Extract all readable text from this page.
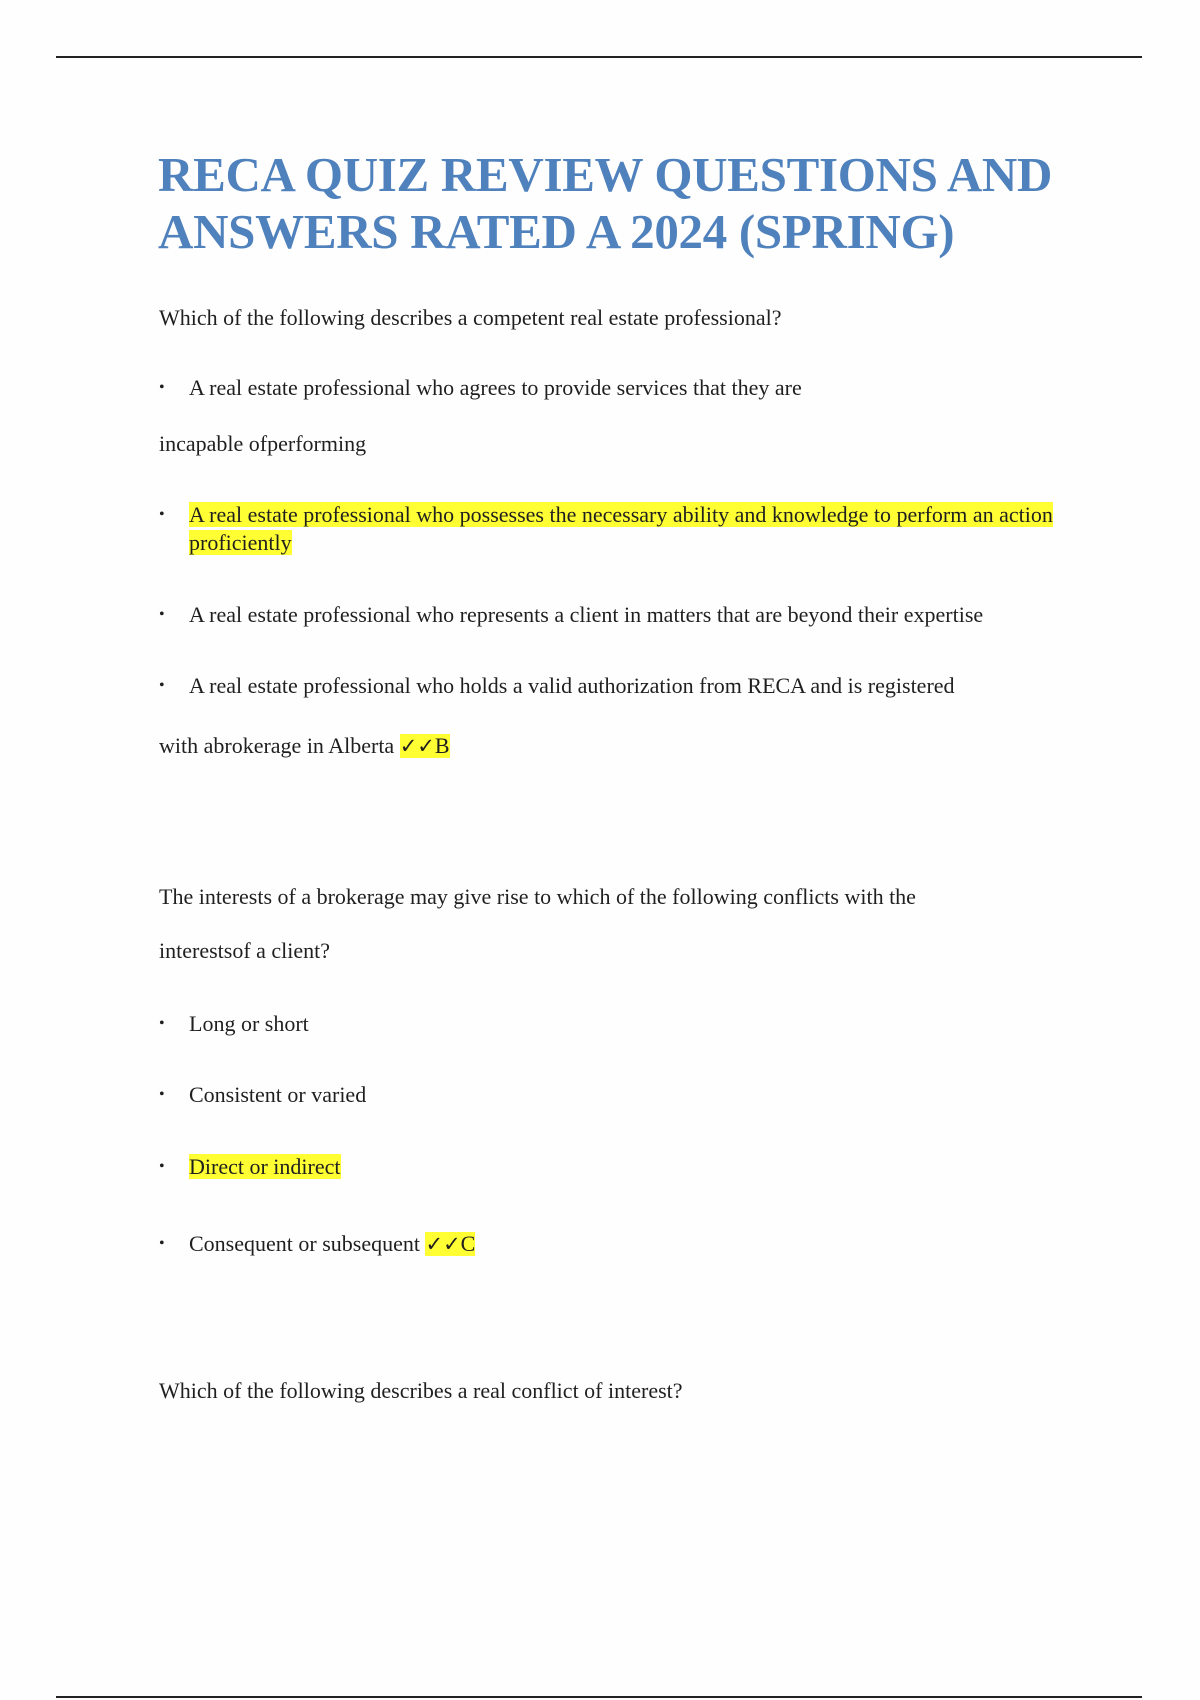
RECA QUIZ REVIEW QUESTIONS AND ANSWERS RATED A 2024 (SPRING)
Which of the following describes a competent real estate professional?
•	A real estate professional who agrees to provide services that they are
incapable ofperforming
•	A real estate professional who possesses the necessary ability and knowledge to perform an action proficiently
•	A real estate professional who represents a client in matters that are beyond their expertise
•	A real estate professional who holds a valid authorization from RECA and is registered
with abrokerage in Alberta ✓✓B
The interests of a brokerage may give rise to which of the following conflicts with the
interestsof a client?
•	Long or short
•	Consistent or varied
•	Direct or indirect
•	Consequent or subsequent ✓✓C
Which of the following describes a real conflict of interest?
